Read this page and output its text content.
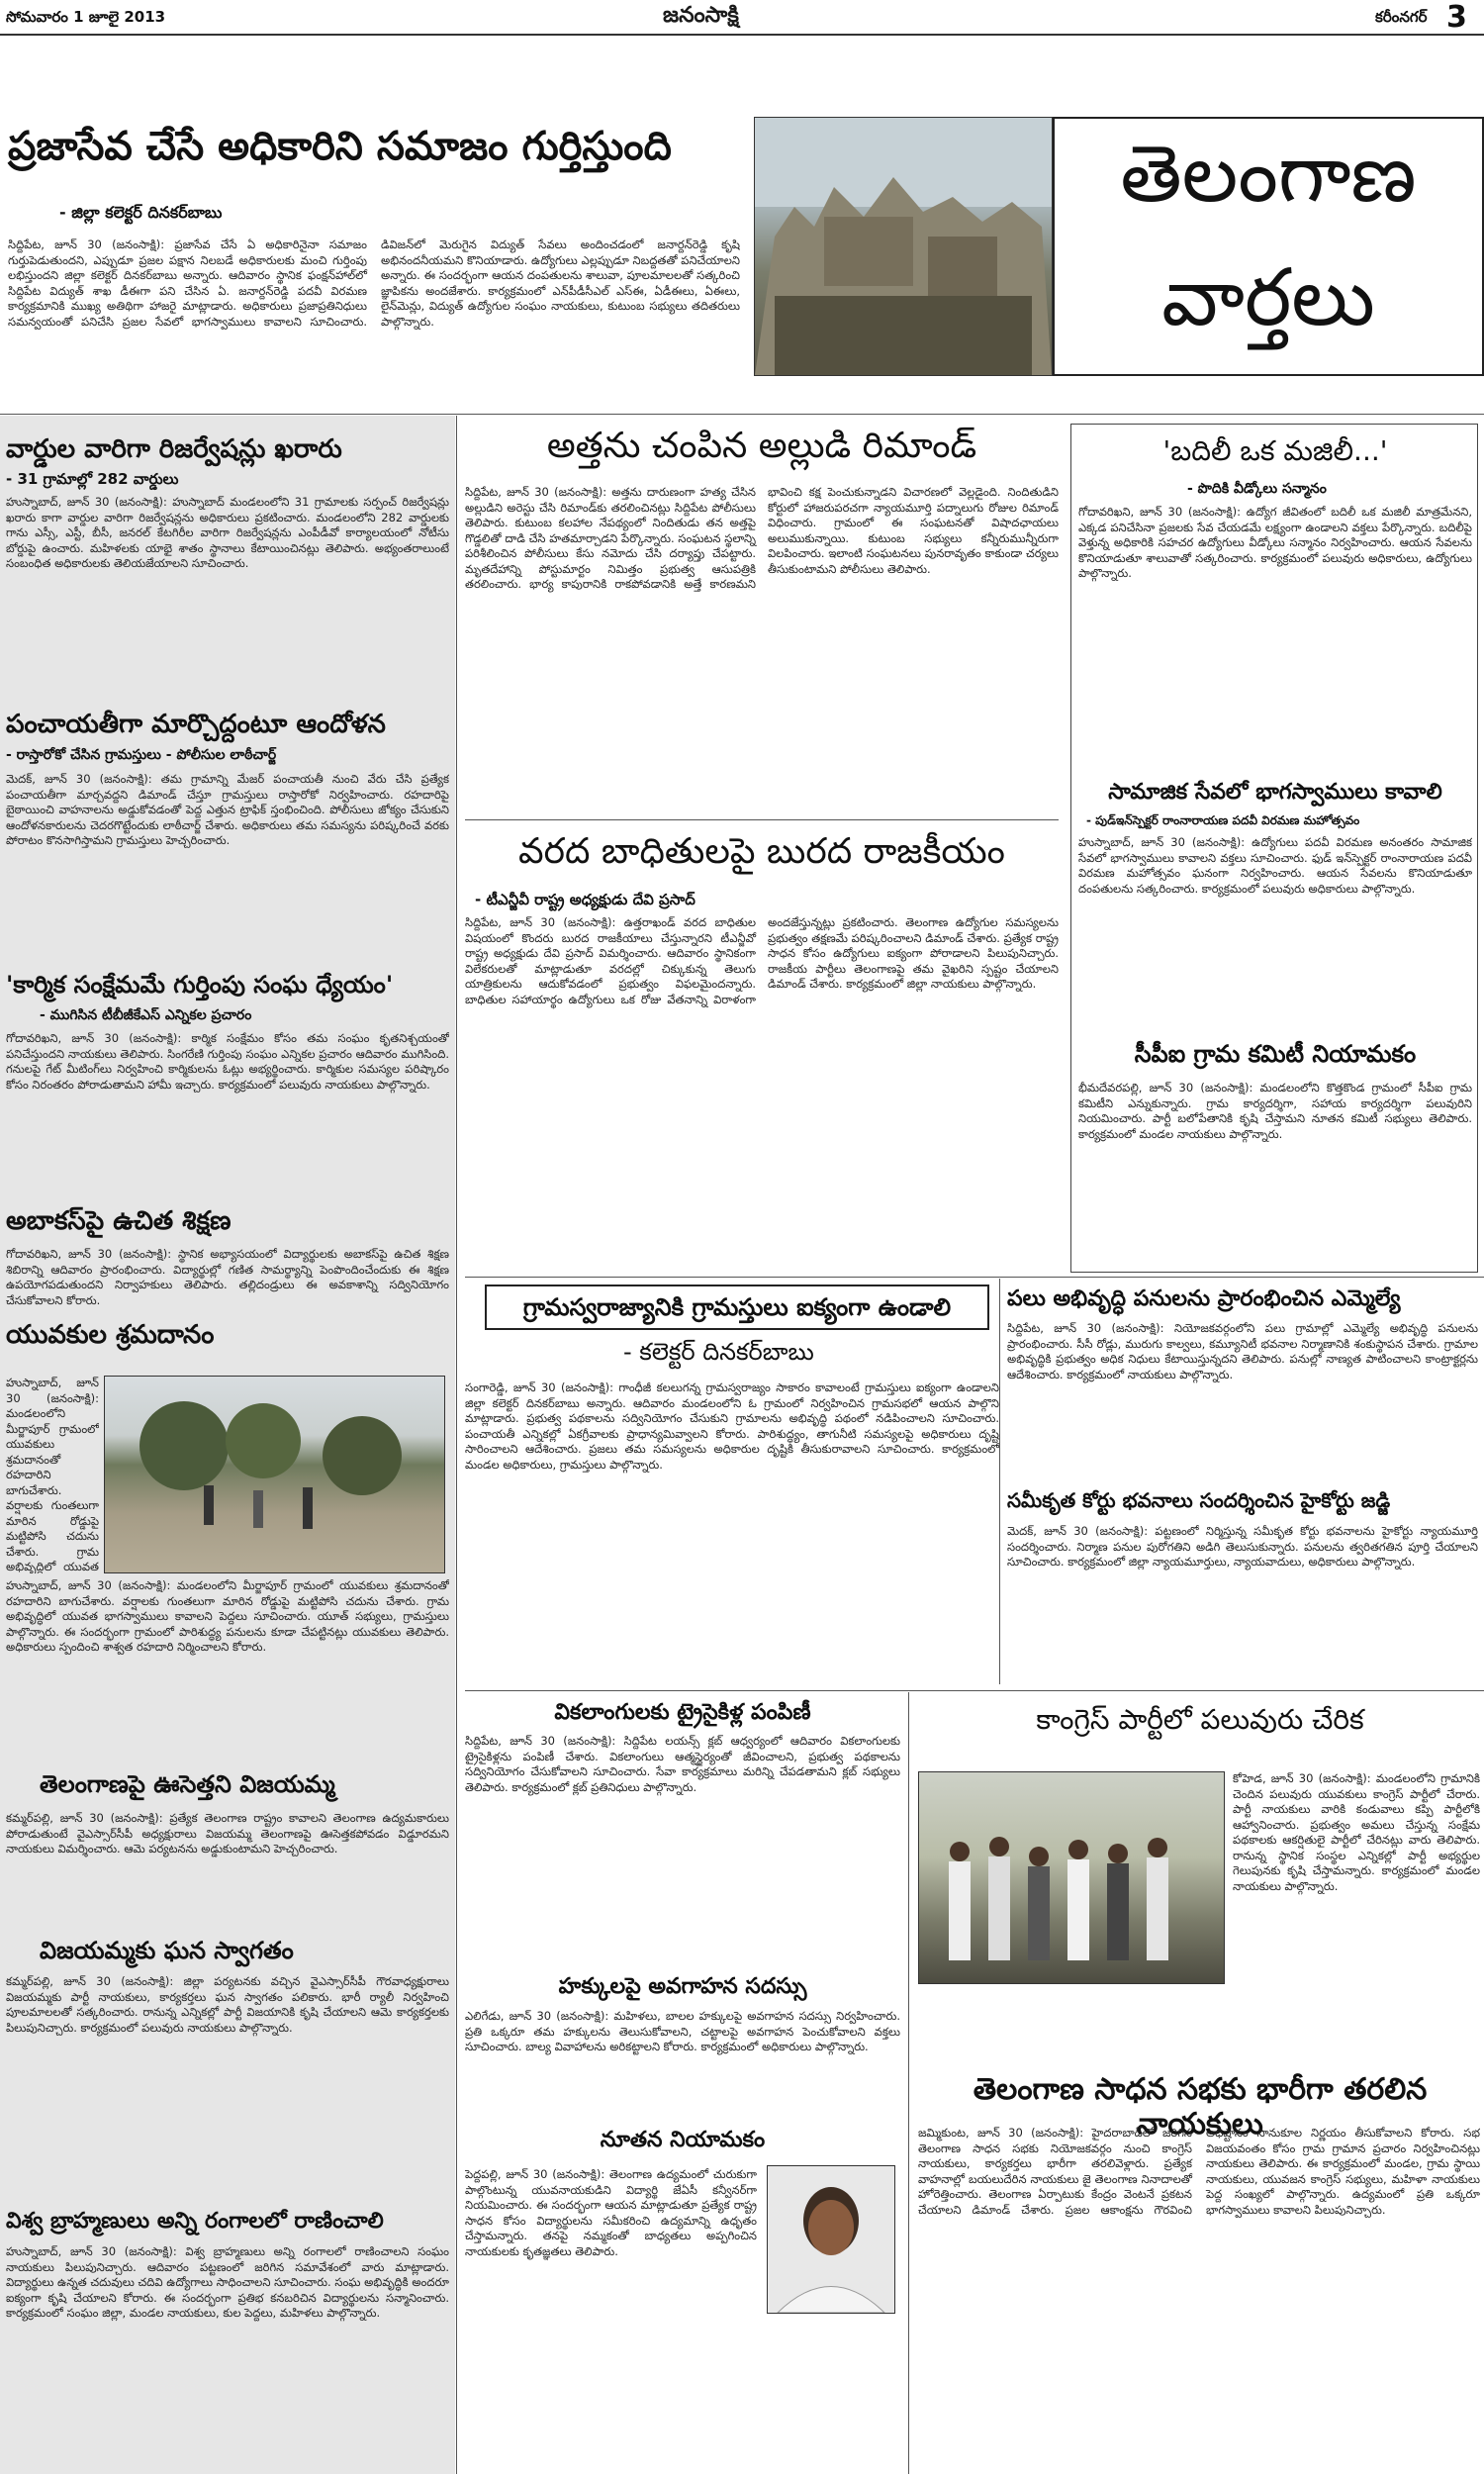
సోమవారం 1 జూలై 2013	జనంసాక్షి	కరీంనగర్ 3
ప్రజాసేవ చేసే అధికారిని సమాజం గుర్తిస్తుంది
- జిల్లా కలెక్టర్‌ దినకర్‌బాబు
సిద్దిపేట, జూన్‌ 30 (జనంసాక్షి): ప్రజాసేవ చేసే ఏ అధికారినైనా సమాజం గుర్తుపెడుతుందని, ఎప్పుడూ ప్రజల పక్షాన నిలబడే అధికారులకు మంచి గుర్తింపు లభిస్తుందని జిల్లా కలెక్టర్‌ దినకర్‌బాబు అన్నారు. ఆదివారం స్థానిక ఫంక్షన్‌హాల్‌లో సిద్దిపేట విద్యుత్‌ శాఖ డీఈగా పని చేసిన ఏ. జనార్దన్‌రెడ్డి పదవీ విరమణ కార్యక్రమానికి ముఖ్య అతిథిగా హాజరై మాట్లాడారు. అధికారులు ప్రజాప్రతినిధులు సమన్వయంతో పనిచేసి ప్రజల సేవలో భాగస్వాములు కావాలని సూచించారు. డివిజన్‌లో మెరుగైన విద్యుత్‌ సేవలు అందించడంలో జనార్దన్‌రెడ్డి కృషి అభినందనీయమని కొనియాడారు. ఉద్యోగులు ఎల్లప్పుడూ నిబద్దతతో పనిచేయాలని అన్నారు. ఈ సందర్భంగా ఆయన దంపతులను శాలువా, పూలమాలలతో సత్కరించి జ్ఞాపికను అందజేశారు. కార్యక్రమంలో ఎన్‌పీడీసీఎల్‌ ఎస్‌ఈ, ఏడీఈలు, ఏఈలు, లైన్‌మెన్లు, విద్యుత్‌ ఉద్యోగుల సంఘం నాయకులు, కుటుంబ సభ్యులు తదితరులు పాల్గొన్నారు.
తెలంగాణ
వార్తలు
వార్డుల వారిగా రిజర్వేషన్లు ఖరారు
- 31 గ్రామాల్లో 282 వార్డులు
హుస్నాబాద్‌, జూన్‌ 30 (జనంసాక్షి): హుస్నాబాద్‌ మండలంలోని 31 గ్రామాలకు సర్పంచ్‌ రిజర్వేషన్లు ఖరారు కాగా వార్డుల వారిగా రిజర్వేషన్లను అధికారులు ప్రకటించారు. మండలంలోని 282 వార్డులకు గాను ఎస్సీ, ఎస్టీ, బీసీ, జనరల్‌ కేటగిరీల వారిగా రిజర్వేషన్లను ఎంపీడీవో కార్యాలయంలో నోటీసు బోర్డుపై ఉంచారు. మహిళలకు యాభై శాతం స్థానాలు కేటాయించినట్లు తెలిపారు. అభ్యంతరాలుంటే సంబంధిత అధికారులకు తెలియజేయాలని సూచించారు.
పంచాయతీగా మార్చొద్దంటూ ఆందోళన
- రాస్తారోకో చేసిన గ్రామస్తులు - పోలీసుల లాఠీచార్జ్‌
మెదక్‌, జూన్‌ 30 (జనంసాక్షి): తమ గ్రామాన్ని మేజర్‌ పంచాయతీ నుంచి వేరు చేసి ప్రత్యేక పంచాయతీగా మార్చవద్దని డిమాండ్‌ చేస్తూ గ్రామస్తులు రాస్తారోకో నిర్వహించారు. రహదారిపై బైఠాయించి వాహనాలను అడ్డుకోవడంతో పెద్ద ఎత్తున ట్రాఫిక్‌ స్తంభించింది. పోలీసులు జోక్యం చేసుకుని ఆందోళనకారులను చెదరగొట్టేందుకు లాఠీచార్జ్‌ చేశారు. అధికారులు తమ సమస్యను పరిష్కరించే వరకు పోరాటం కొనసాగిస్తామని గ్రామస్తులు హెచ్చరించారు.
'కార్మిక సంక్షేమమే గుర్తింపు సంఘ ధ్యేయం'
- ముగిసిన టీబీజీకేఎస్‌ ఎన్నికల ప్రచారం
గోదావరిఖని, జూన్‌ 30 (జనంసాక్షి): కార్మిక సంక్షేమం కోసం తమ సంఘం కృతనిశ్చయంతో పనిచేస్తుందని నాయకులు తెలిపారు. సింగరేణి గుర్తింపు సంఘం ఎన్నికల ప్రచారం ఆదివారం ముగిసింది. గనులపై గేట్‌ మీటింగ్‌లు నిర్వహించి కార్మికులను ఓట్లు అభ్యర్థించారు. కార్మికుల సమస్యల పరిష్కారం కోసం నిరంతరం పోరాడుతామని హామీ ఇచ్చారు. కార్యక్రమంలో పలువురు నాయకులు పాల్గొన్నారు.
అబాకస్‌పై ఉచిత శిక్షణ
గోదావరిఖని, జూన్‌ 30 (జనంసాక్షి): స్థానిక అభ్యాసయంలో విద్యార్థులకు అబాకస్‌పై ఉచిత శిక్షణ శిబిరాన్ని ఆదివారం ప్రారంభించారు. విద్యార్థుల్లో గణిత సామర్థ్యాన్ని పెంపొందించేందుకు ఈ శిక్షణ ఉపయోగపడుతుందని నిర్వాహకులు తెలిపారు. తల్లిదండ్రులు ఈ అవకాశాన్ని సద్వినియోగం చేసుకోవాలని కోరారు.
యువకుల శ్రమదానం
హుస్నాబాద్‌, జూన్‌ 30 (జనంసాక్షి): మండలంలోని మీర్జాపూర్‌ గ్రామంలో యువకులు శ్రమదానంతో రహదారిని బాగుచేశారు. వర్షాలకు గుంతలుగా మారిన రోడ్డుపై మట్టిపోసి చదును చేశారు. గ్రామ అభివృద్ధిలో యువత
హుస్నాబాద్‌, జూన్‌ 30 (జనంసాక్షి): మండలంలోని మీర్జాపూర్‌ గ్రామంలో యువకులు శ్రమదానంతో రహదారిని బాగుచేశారు. వర్షాలకు గుంతలుగా మారిన రోడ్డుపై మట్టిపోసి చదును చేశారు. గ్రామ అభివృద్ధిలో యువత భాగస్వాములు కావాలని పెద్దలు సూచించారు. యూత్‌ సభ్యులు, గ్రామస్తులు పాల్గొన్నారు. ఈ సందర్భంగా గ్రామంలో పారిశుద్ధ్య పనులను కూడా చేపట్టినట్లు యువకులు తెలిపారు. అధికారులు స్పందించి శాశ్వత రహదారి నిర్మించాలని కోరారు.
తెలంగాణపై ఊసెత్తని విజయమ్మ
కమ్మర్‌పల్లి, జూన్‌ 30 (జనంసాక్షి): ప్రత్యేక తెలంగాణ రాష్ట్రం కావాలని తెలంగాణ ఉద్యమకారులు పోరాడుతుంటే వైఎస్సార్‌సీపీ అధ్యక్షురాలు విజయమ్మ తెలంగాణపై ఊసెత్తకపోవడం విడ్డూరమని నాయకులు విమర్శించారు. ఆమె పర్యటనను అడ్డుకుంటామని హెచ్చరించారు.
విజయమ్మకు ఘన స్వాగతం
కమ్మర్‌పల్లి, జూన్‌ 30 (జనంసాక్షి): జిల్లా పర్యటనకు వచ్చిన వైఎస్సార్‌సీపీ గౌరవాధ్యక్షురాలు విజయమ్మకు పార్టీ నాయకులు, కార్యకర్తలు ఘన స్వాగతం పలికారు. భారీ ర్యాలీ నిర్వహించి పూలమాలలతో సత్కరించారు. రానున్న ఎన్నికల్లో పార్టీ విజయానికి కృషి చేయాలని ఆమె కార్యకర్తలకు పిలుపునిచ్చారు. కార్యక్రమంలో పలువురు నాయకులు పాల్గొన్నారు.
విశ్వ బ్రాహ్మణులు అన్ని రంగాలలో రాణించాలి
హుస్నాబాద్‌, జూన్‌ 30 (జనంసాక్షి): విశ్వ బ్రాహ్మణులు అన్ని రంగాలలో రాణించాలని సంఘం నాయకులు పిలుపునిచ్చారు. ఆదివారం పట్టణంలో జరిగిన సమావేశంలో వారు మాట్లాడారు. విద్యార్థులు ఉన్నత చదువులు చదివి ఉద్యోగాలు సాధించాలని సూచించారు. సంఘ అభివృద్ధికి అందరూ ఐక్యంగా కృషి చేయాలని కోరారు. ఈ సందర్భంగా ప్రతిభ కనబరిచిన విద్యార్థులను సన్మానించారు. కార్యక్రమంలో సంఘం జిల్లా, మండల నాయకులు, కుల పెద్దలు, మహిళలు పాల్గొన్నారు.
అత్తను చంపిన అల్లుడి రిమాండ్‌
సిద్దిపేట, జూన్‌ 30 (జనంసాక్షి): అత్తను దారుణంగా హత్య చేసిన అల్లుడిని అరెస్టు చేసి రిమాండ్‌కు తరలించినట్లు సిద్దిపేట పోలీసులు తెలిపారు. కుటుంబ కలహాల నేపథ్యంలో నిందితుడు తన అత్తపై గొడ్డలితో దాడి చేసి హతమార్చాడని పేర్కొన్నారు. సంఘటన స్థలాన్ని పరిశీలించిన పోలీసులు కేసు నమోదు చేసి దర్యాప్తు చేపట్టారు. మృతదేహాన్ని పోస్టుమార్టం నిమిత్తం ప్రభుత్వ ఆసుపత్రికి తరలించారు. భార్య కాపురానికి రాకపోవడానికి అత్తే కారణమని భావించి కక్ష పెంచుకున్నాడని విచారణలో వెల్లడైంది. నిందితుడిని కోర్టులో హాజరుపరచగా న్యాయమూర్తి పద్నాలుగు రోజుల రిమాండ్‌ విధించారు. గ్రామంలో ఈ సంఘటనతో విషాదఛాయలు అలుముకున్నాయి. కుటుంబ సభ్యులు కన్నీరుమున్నీరుగా విలపించారు. ఇలాంటి సంఘటనలు పునరావృతం కాకుండా చర్యలు తీసుకుంటామని పోలీసులు తెలిపారు.
వరద బాధితులపై బురద రాజకీయం
- టీఎన్జీవీ రాష్ట్ర అధ్యక్షుడు దేవి ప్రసాద్‌
సిద్దిపేట, జూన్‌ 30 (జనంసాక్షి): ఉత్తరాఖండ్‌ వరద బాధితుల విషయంలో కొందరు బురద రాజకీయాలు చేస్తున్నారని టీఎన్జీవో రాష్ట్ర అధ్యక్షుడు దేవి ప్రసాద్‌ విమర్శించారు. ఆదివారం స్థానికంగా విలేకరులతో మాట్లాడుతూ వరదల్లో చిక్కుకున్న తెలుగు యాత్రికులను ఆదుకోవడంలో ప్రభుత్వం విఫలమైందన్నారు. బాధితుల సహాయార్థం ఉద్యోగులు ఒక రోజు వేతనాన్ని విరాళంగా అందజేస్తున్నట్లు ప్రకటించారు. తెలంగాణ ఉద్యోగుల సమస్యలను ప్రభుత్వం తక్షణమే పరిష్కరించాలని డిమాండ్‌ చేశారు. ప్రత్యేక రాష్ట్ర సాధన కోసం ఉద్యోగులు ఐక్యంగా పోరాడాలని పిలుపునిచ్చారు. రాజకీయ పార్టీలు తెలంగాణపై తమ వైఖరిని స్పష్టం చేయాలని డిమాండ్‌ చేశారు. కార్యక్రమంలో జిల్లా నాయకులు పాల్గొన్నారు.
'బదిలీ ఒక మజిలీ...'
- పొదికి వీడ్కోలు సన్మానం
గోదావరిఖని, జూన్‌ 30 (జనంసాక్షి): ఉద్యోగ జీవితంలో బదిలీ ఒక మజిలీ మాత్రమేనని, ఎక్కడ పనిచేసినా ప్రజలకు సేవ చేయడమే లక్ష్యంగా ఉండాలని వక్తలు పేర్కొన్నారు. బదిలీపై వెళ్తున్న అధికారికి సహచర ఉద్యోగులు వీడ్కోలు సన్మానం నిర్వహించారు. ఆయన సేవలను కొనియాడుతూ శాలువాతో సత్కరించారు. కార్యక్రమంలో పలువురు అధికారులు, ఉద్యోగులు పాల్గొన్నారు.
సామాజిక సేవలో భాగస్వాములు కావాలి
- పుడ్‌ఇన్‌స్పెక్టర్‌ రాంనారాయణ పదవీ విరమణ మహోత్సవం
హుస్నాబాద్‌, జూన్‌ 30 (జనంసాక్షి): ఉద్యోగులు పదవీ విరమణ అనంతరం సామాజిక సేవలో భాగస్వాములు కావాలని వక్తలు సూచించారు. ఫుడ్‌ ఇన్‌స్పెక్టర్‌ రాంనారాయణ పదవీ విరమణ మహోత్సవం ఘనంగా నిర్వహించారు. ఆయన సేవలను కొనియాడుతూ దంపతులను సత్కరించారు. కార్యక్రమంలో పలువురు అధికారులు పాల్గొన్నారు.
సీపీఐ గ్రామ కమిటీ నియామకం
భీమదేవరపల్లి, జూన్‌ 30 (జనంసాక్షి): మండలంలోని కొత్తకొండ గ్రామంలో సీపీఐ గ్రామ కమిటీని ఎన్నుకున్నారు. గ్రామ కార్యదర్శిగా, సహాయ కార్యదర్శిగా పలువురిని నియమించారు. పార్టీ బలోపేతానికి కృషి చేస్తామని నూతన కమిటీ సభ్యులు తెలిపారు. కార్యక్రమంలో మండల నాయకులు పాల్గొన్నారు.
గ్రామస్వరాజ్యానికి గ్రామస్తులు ఐక్యంగా ఉండాలి
- కలెక్టర్‌ దినకర్‌బాబు
సంగారెడ్డి, జూన్‌ 30 (జనంసాక్షి): గాంధీజీ కలలుగన్న గ్రామస్వరాజ్యం సాకారం కావాలంటే గ్రామస్తులు ఐక్యంగా ఉండాలని జిల్లా కలెక్టర్‌ దినకర్‌బాబు అన్నారు. ఆదివారం మండలంలోని ఓ గ్రామంలో నిర్వహించిన గ్రామసభలో ఆయన పాల్గొని మాట్లాడారు. ప్రభుత్వ పథకాలను సద్వినియోగం చేసుకుని గ్రామాలను అభివృద్ధి పథంలో నడిపించాలని సూచించారు. పంచాయతీ ఎన్నికల్లో ఏకగ్రీవాలకు ప్రాధాన్యమివ్వాలని కోరారు. పారిశుద్ధ్యం, తాగునీటి సమస్యలపై అధికారులు దృష్టి సారించాలని ఆదేశించారు. ప్రజలు తమ సమస్యలను అధికారుల దృష్టికి తీసుకురావాలని సూచించారు. కార్యక్రమంలో మండల అధికారులు, గ్రామస్తులు పాల్గొన్నారు.
పలు అభివృద్ధి పనులను ప్రారంభించిన ఎమ్మెల్యే
సిద్దిపేట, జూన్‌ 30 (జనంసాక్షి): నియోజకవర్గంలోని పలు గ్రామాల్లో ఎమ్మెల్యే అభివృద్ధి పనులను ప్రారంభించారు. సీసీ రోడ్లు, మురుగు కాల్వలు, కమ్యూనిటీ భవనాల నిర్మాణానికి శంకుస్థాపన చేశారు. గ్రామాల అభివృద్ధికి ప్రభుత్వం అధిక నిధులు కేటాయిస్తున్నదని తెలిపారు. పనుల్లో నాణ్యత పాటించాలని కాంట్రాక్టర్లను ఆదేశించారు. కార్యక్రమంలో నాయకులు పాల్గొన్నారు.
సమీకృత కోర్టు భవనాలు సందర్శించిన హైకోర్టు జడ్జి
మెదక్‌, జూన్‌ 30 (జనంసాక్షి): పట్టణంలో నిర్మిస్తున్న సమీకృత కోర్టు భవనాలను హైకోర్టు న్యాయమూర్తి సందర్శించారు. నిర్మాణ పనుల పురోగతిని అడిగి తెలుసుకున్నారు. పనులను త్వరితగతిన పూర్తి చేయాలని సూచించారు. కార్యక్రమంలో జిల్లా న్యాయమూర్తులు, న్యాయవాదులు, అధికారులు పాల్గొన్నారు.
వికలాంగులకు ట్రైసైకిళ్ల పంపిణీ
సిద్దిపేట, జూన్‌ 30 (జనంసాక్షి): సిద్దిపేట లయన్స్‌ క్లబ్‌ ఆధ్వర్యంలో ఆదివారం వికలాంగులకు ట్రైసైకిళ్లను పంపిణీ చేశారు. వికలాంగులు ఆత్మస్థైర్యంతో జీవించాలని, ప్రభుత్వ పథకాలను సద్వినియోగం చేసుకోవాలని సూచించారు. సేవా కార్యక్రమాలు మరిన్ని చేపడతామని క్లబ్‌ సభ్యులు తెలిపారు. కార్యక్రమంలో క్లబ్‌ ప్రతినిధులు పాల్గొన్నారు.
హక్కులపై అవగాహన సదస్సు
ఎలిగేడు, జూన్‌ 30 (జనంసాక్షి): మహిళలు, బాలల హక్కులపై అవగాహన సదస్సు నిర్వహించారు. ప్రతి ఒక్కరూ తమ హక్కులను తెలుసుకోవాలని, చట్టాలపై అవగాహన పెంచుకోవాలని వక్తలు సూచించారు. బాల్య వివాహాలను అరికట్టాలని కోరారు. కార్యక్రమంలో అధికారులు పాల్గొన్నారు.
నూతన నియామకం
పెద్దపల్లి, జూన్‌ 30 (జనంసాక్షి): తెలంగాణ ఉద్యమంలో చురుకుగా పాల్గొంటున్న యువనాయకుడిని విద్యార్థి జేఏసీ కన్వీనర్‌గా నియమించారు. ఈ సందర్భంగా ఆయన మాట్లాడుతూ ప్రత్యేక రాష్ట్ర సాధన కోసం విద్యార్థులను సమీకరించి ఉద్యమాన్ని ఉధృతం చేస్తామన్నారు. తనపై నమ్మకంతో బాధ్యతలు అప్పగించిన నాయకులకు కృతజ్ఞతలు తెలిపారు.
కాంగ్రెస్‌ పార్టీలో పలువురు చేరిక
కోహెడ, జూన్‌ 30 (జనంసాక్షి): మండలంలోని గ్రామానికి చెందిన పలువురు యువకులు కాంగ్రెస్‌ పార్టీలో చేరారు. పార్టీ నాయకులు వారికి కండువాలు కప్పి పార్టీలోకి ఆహ్వానించారు. ప్రభుత్వం అమలు చేస్తున్న సంక్షేమ పథకాలకు ఆకర్షితులై పార్టీలో చేరినట్లు వారు తెలిపారు. రానున్న స్థానిక సంస్థల ఎన్నికల్లో పార్టీ అభ్యర్థుల గెలుపునకు కృషి చేస్తామన్నారు. కార్యక్రమంలో మండల నాయకులు పాల్గొన్నారు.
తెలంగాణ సాధన సభకు భారీగా తరలిన నాయకులు
జమ్మికుంట, జూన్‌ 30 (జనంసాక్షి): హైదరాబాద్‌లో జరిగిన తెలంగాణ సాధన సభకు నియోజకవర్గం నుంచి కాంగ్రెస్‌ నాయకులు, కార్యకర్తలు భారీగా తరలివెళ్లారు. ప్రత్యేక వాహనాల్లో బయలుదేరిన నాయకులు జై తెలంగాణ నినాదాలతో హోరెత్తించారు. తెలంగాణ ఏర్పాటుకు కేంద్రం వెంటనే ప్రకటన చేయాలని డిమాండ్‌ చేశారు. ప్రజల ఆకాంక్షను గౌరవించి అధిష్టానం సానుకూల నిర్ణయం తీసుకోవాలని కోరారు. సభ విజయవంతం కోసం గ్రామ గ్రామాన ప్రచారం నిర్వహించినట్లు నాయకులు తెలిపారు. ఈ కార్యక్రమంలో మండల, గ్రామ స్థాయి నాయకులు, యువజన కాంగ్రెస్‌ సభ్యులు, మహిళా నాయకులు పెద్ద సంఖ్యలో పాల్గొన్నారు. ఉద్యమంలో ప్రతి ఒక్కరూ భాగస్వాములు కావాలని పిలుపునిచ్చారు.
